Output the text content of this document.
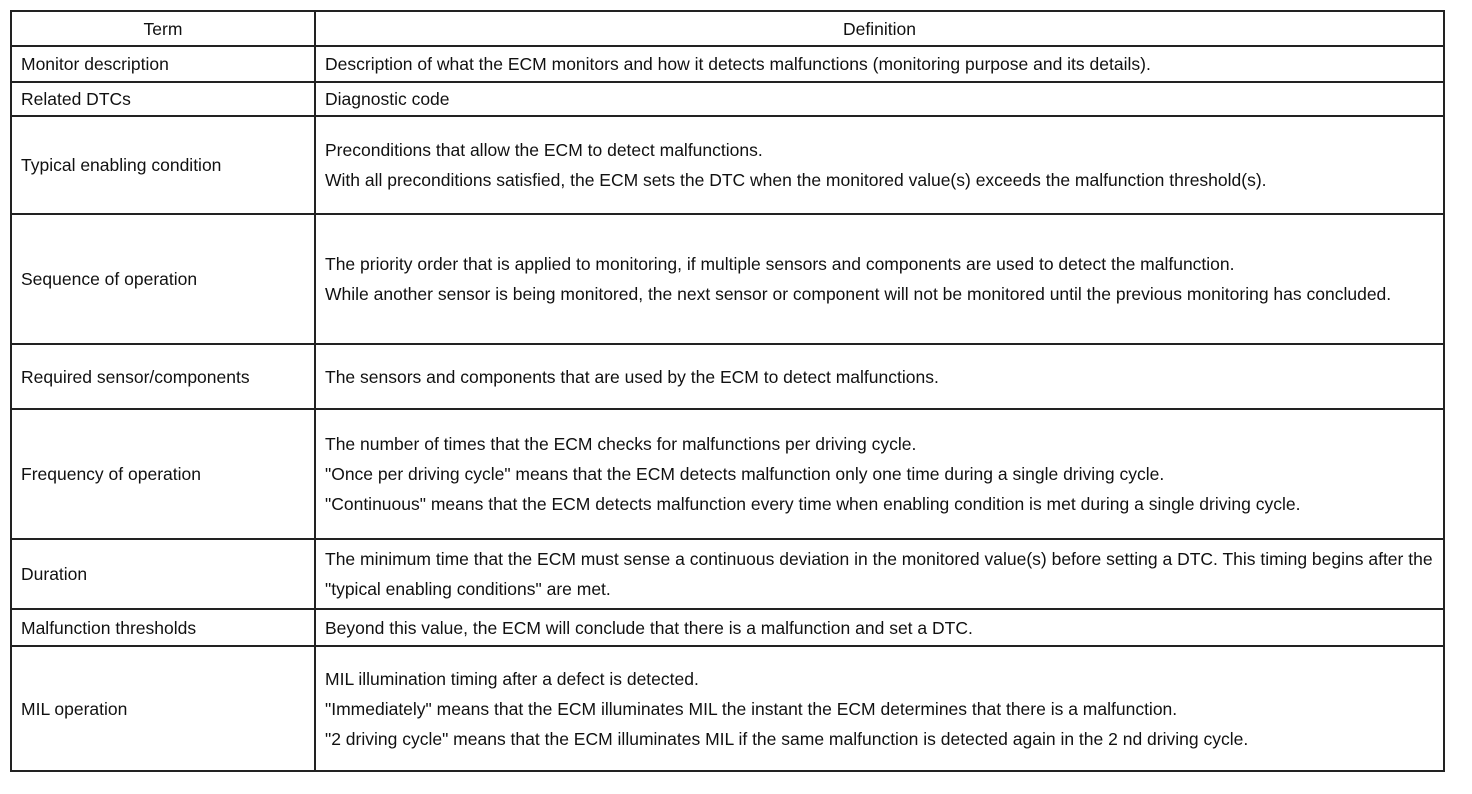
Term	Definition
Monitor description	Description of what the ECM monitors and how it detects malfunctions (monitoring purpose and its details).

Related DTCs	Diagnostic code

Typical enabling condition	Preconditions that allow the ECM to detect malfunctions.
With all preconditions satisfied, the ECM sets the DTC when the monitored value(s) exceeds the malfunction threshold(s).

Sequence of operation	The priority order that is applied to monitoring, if multiple sensors and components are used to detect the malfunction.
While another sensor is being monitored, the next sensor or component will not be monitored until the previous monitoring has concluded.

Required sensor/components	The sensors and components that are used by the ECM to detect malfunctions.

Frequency of operation	The number of times that the ECM checks for malfunctions per driving cycle.
"Once per driving cycle" means that the ECM detects malfunction only one time during a single driving cycle.
"Continuous" means that the ECM detects malfunction every time when enabling condition is met during a single driving cycle.

Duration	The minimum time that the ECM must sense a continuous deviation in the monitored value(s) before setting a DTC. This timing begins after the "typical enabling conditions" are met.

Malfunction thresholds	Beyond this value, the ECM will conclude that there is a malfunction and set a DTC.

MIL operation	MIL illumination timing after a defect is detected.
"Immediately" means that the ECM illuminates MIL the instant the ECM determines that there is a malfunction.
"2 driving cycle" means that the ECM illuminates MIL if the same malfunction is detected again in the 2 nd driving cycle.
